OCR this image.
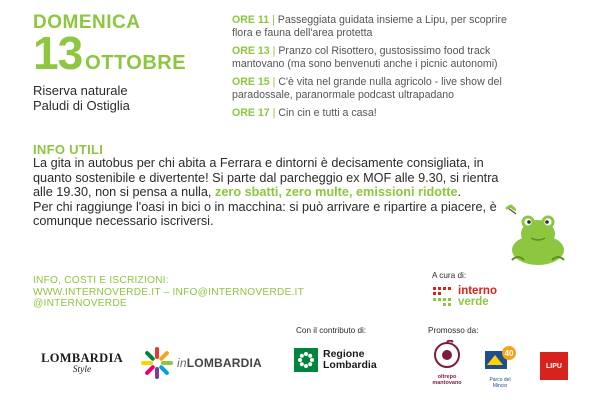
DOMENICA
13 OTTOBRE
Riserva naturale
Paludi di Ostiglia
ORE 11 | Passeggiata guidata insieme a Lipu, per scoprire
flora e fauna dell'area protetta
ORE 13 | Pranzo col Risottero, gustosissimo food track
mantovano (ma sono benvenuti anche i picnic autonomi)
ORE 15 | C'è vita nel grande nulla agricolo - live show del
paradossale, paranormale podcast ultrapadano
ORE 17 | Cin cin e tutti a casa!
INFO UTILI
La gita in autobus per chi abita a Ferrara e dintorni è decisamente consigliata, in quanto sostenibile e divertente! Si parte dal parcheggio ex MOF alle 9.30, si rientra alle 19.30, non si pensa a nulla, zero sbatti, zero multe, emissioni ridotte.
Per chi raggiunge l'oasi in bici o in macchina: si può arrivare e ripartire a piacere, è comunque necessario iscriversi.
INFO, COSTI E ISCRIZIONI:
WWW.INTERNOVERDE.IT – INFO@INTERNOVERDE.IT
@INTERNOVERDE
A cura di:
Con il contributo di:	Promosso da:
interno
verde
LOMBARDIA
Style	inLOMBARDIA
Regione
Lombardia
oltrepo mantovano
40
Parco del Mincio
LIPU
